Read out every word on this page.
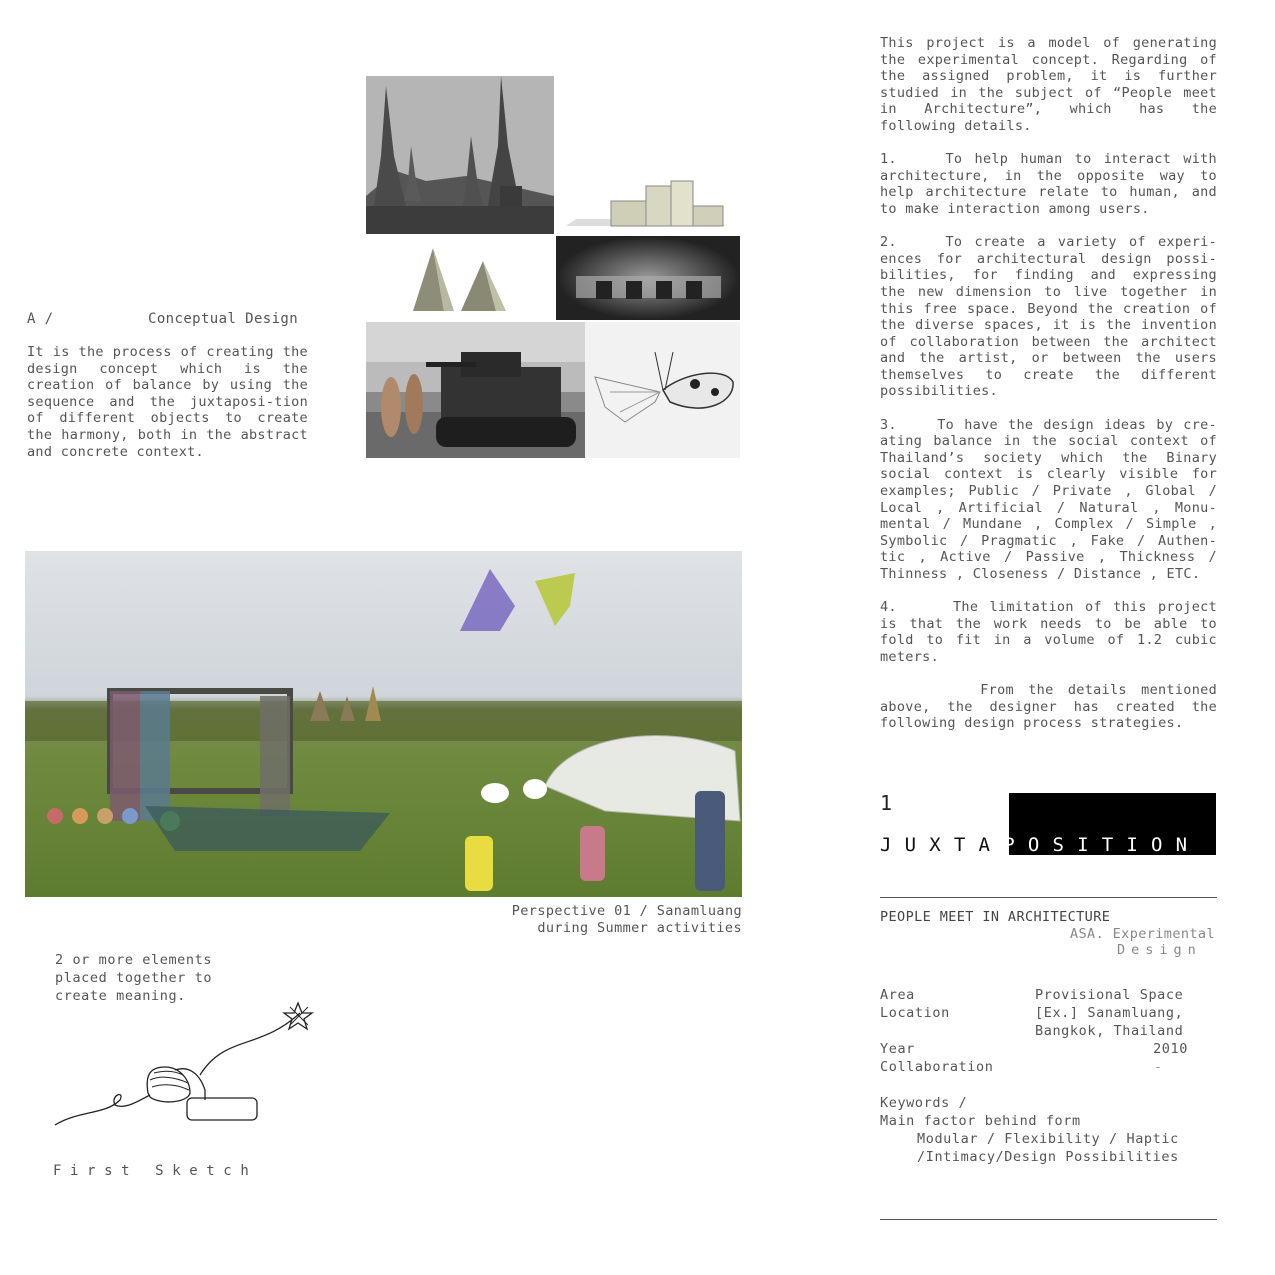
A /	Conceptual Design
It is the process of creating the design concept which is the creation of balance by using the sequence and the juxtaposi-tion of different objects to create the harmony, both in the abstract and concrete context.

This project is a model of generating the experimental concept. Regarding of the assigned problem, it is further studied in the subject of “People meet in Architecture”, which has the following details.

1.    To help human to interact with architecture, in the opposite way to help architecture relate to human, and to make interaction among users.

2.    To create a variety of experi-ences for architectural design possi-bilities, for finding and expressing the new dimension to live together in this free space. Beyond the creation of the diverse spaces, it is the invention of collaboration between the architect and the artist, or between the users themselves to create the different possibilities.

3.    To have the design ideas by cre-ating balance in the social context of Thailand’s society which the Binary social context is clearly visible for examples; Public / Private , Global / Local , Artificial / Natural , Monu-mental / Mundane , Complex / Simple , Symbolic / Pragmatic , Fake / Authen-tic , Active / Passive , Thickness / Thinness , Closeness / Distance , ETC.

4.     The limitation of this project is that the work needs to be able to fold to fit in a volume of 1.2 cubic meters.

From the details mentioned above, the designer has created the following design process strategies.

Perspective 01 / Sanamluang
during Summer activities
2 or more elements
placed together to
create meaning.
First Sketch
1
JUXTAPOSITION
PEOPLE MEET IN ARCHITECTURE
ASA. Experimental
Design
Area	Provisional Space
Location	[Ex.] Sanamluang,
Bangkok, Thailand
Year	2010
Collaboration	-
Keywords /
Main factor behind form
Modular / Flexibility / Haptic
/Intimacy/Design Possibilities
